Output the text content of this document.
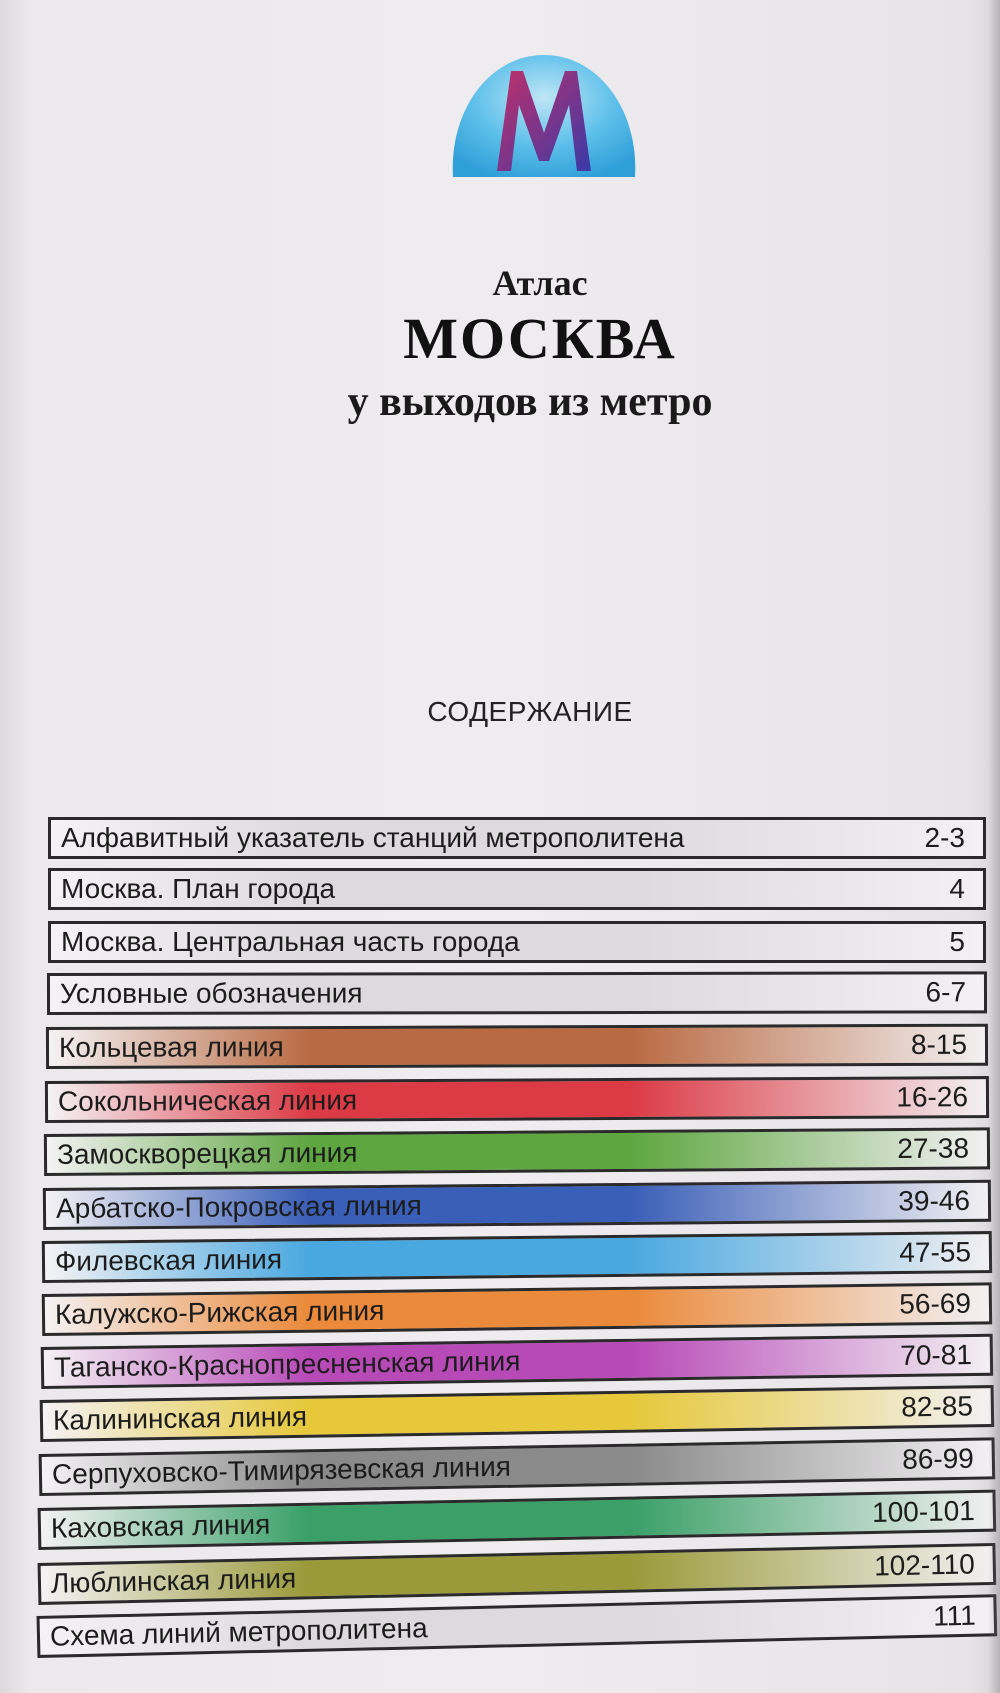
Атлас
МОСКВА
у выходов из метро
СОДЕРЖАНИЕ
Алфавитный указатель станций метрополитена	2-3
Москва. План города	4
Москва. Центральная часть города	5
Условные обозначения	6-7
Кольцевая линия	8-15
Сокольническая линия	16-26
Замоскворецкая линия	27-38
Арбатско-Покровская линия	39-46
Филевская линия	47-55
Калужско-Рижская линия	56-69
Таганско-Краснопресненская линия	70-81
Калининская линия	82-85
Серпуховско-Тимирязевская линия	86-99
Каховская линия	100-101
Люблинская линия	102-110
Схема линий метрополитена	111
